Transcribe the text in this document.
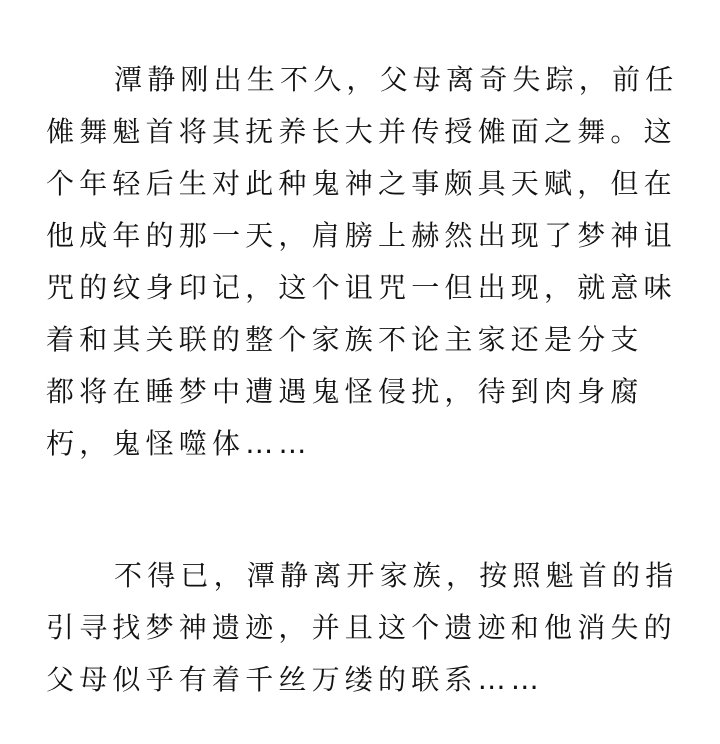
潭静刚出生不久，父母离奇失踪，前任
傩舞魁首将其抚养长大并传授傩面之舞。这
个年轻后生对此种鬼神之事颇具天赋，但在
他成年的那一天，肩膀上赫然出现了梦神诅
咒的纹身印记，这个诅咒一但出现，就意味
着和其关联的整个家族不论主家还是分支
都将在睡梦中遭遇鬼怪侵扰，待到肉身腐
朽，鬼怪噬体……
不得已，潭静离开家族，按照魁首的指
引寻找梦神遗迹，并且这个遗迹和他消失的
父母似乎有着千丝万缕的联系……
